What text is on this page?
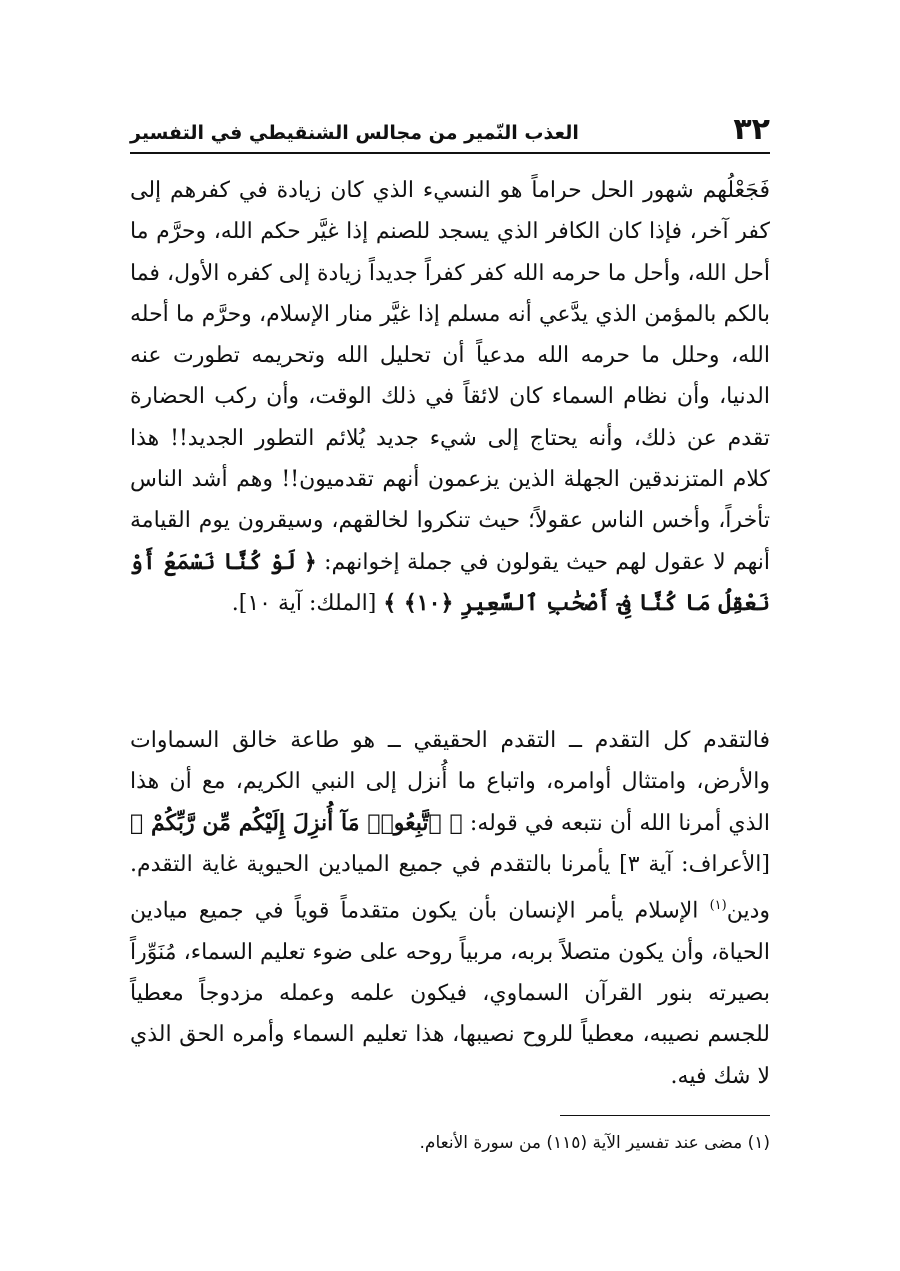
٣٢
العذب النّمير من مجالس الشنقيطي في التفسير
فَجَعْلُهم شهور الحل حراماً هو النسيء الذي كان زيادة في كفرهم إلى كفر آخر، فإذا كان الكافر الذي يسجد للصنم إذا غيَّر حكم الله، وحرَّم ما أحل الله، وأحل ما حرمه الله كفر كفراً جديداً زيادة إلى كفره الأول، فما بالكم بالمؤمن الذي يدَّعي أنه مسلم إذا غيَّر منار الإسلام، وحرَّم ما أحله الله، وحلل ما حرمه الله مدعياً أن تحليل الله وتحريمه تطورت عنه الدنيا، وأن نظام السماء كان لائقاً في ذلك الوقت، وأن ركب الحضارة تقدم عن ذلك، وأنه يحتاج إلى شيء جديد يُلائم التطور الجديد!! هذا كلام المتزندقين الجهلة الذين يزعمون أنهم تقدميون!! وهم أشد الناس تأخراً، وأخس الناس عقولاً؛ حيث تنكروا لخالقهم، وسيقرون يوم القيامة أنهم لا عقول لهم حيث يقولون في جملة إخوانهم: ﴿ لَوْ كُنَّا نَسْمَعُ أَوْ نَعْقِلُ مَا كُنَّا فِىٓ أَصْحَٰبِ ٱلسَّعِيرِ ﴿١٠﴾ ﴾ [الملك: آية ١٠].
فالتقدم كل التقدم ــ التقدم الحقيقي ــ هو طاعة خالق السماوات والأرض، وامتثال أوامره، واتباع ما أُنزل إلى النبي الكريم، مع أن هذا الذي أمرنا الله أن نتبعه في قوله: ﴿ ٱتَّبِعُوا۟ مَآ أُنزِلَ إِلَيْكُم مِّن رَّبِّكُمْ ﴾ [الأعراف: آية ٣] يأمرنا بالتقدم في جميع الميادين الحيوية غاية التقدم. ودين$^{(١)}$ الإسلام يأمر الإنسان بأن يكون متقدماً قوياً في جميع ميادين الحياة، وأن يكون متصلاً بربه، مربياً روحه على ضوء تعليم السماء، مُنَوِّراً بصيرته بنور القرآن السماوي، فيكون علمه وعمله مزدوجاً معطياً للجسم نصيبه، معطياً للروح نصيبها، هذا تعليم السماء وأمره الحق الذي لا شك فيه.
(١) مضى عند تفسير الآية (١١٥) من سورة الأنعام.
